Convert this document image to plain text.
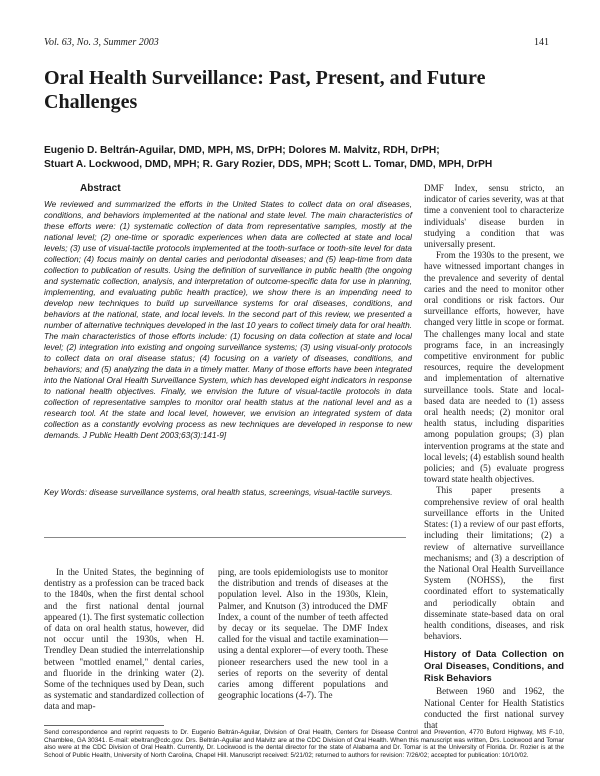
Vol. 63, No. 3, Summer 2003	141
Oral Health Surveillance: Past, Present, and Future Challenges
Eugenio D. Beltrán-Aguilar, DMD, MPH, MS, DrPH; Dolores M. Malvitz, RDH, DrPH;
Stuart A. Lockwood, DMD, MPH; R. Gary Rozier, DDS, MPH; Scott L. Tomar, DMD, MPH, DrPH
Abstract
We reviewed and summarized the efforts in the United States to collect data on oral diseases, conditions, and behaviors implemented at the national and state level. The main characteristics of these efforts were: (1) systematic collection of data from representative samples, mostly at the national level; (2) one-time or sporadic experiences when data are collected at state and local levels; (3) use of visual-tactile protocols implemented at the tooth-surface or tooth-site level for data collection; (4) focus mainly on dental caries and periodontal diseases; and (5) leap-time from data collection to publication of results. Using the definition of surveillance in public health (the ongoing and systematic collection, analysis, and interpretation of outcome-specific data for use in planning, implementing, and evaluating public health practice), we show there is an impending need to develop new techniques to build up surveillance systems for oral diseases, conditions, and behaviors at the national, state, and local levels. In the second part of this review, we presented a number of alternative techniques developed in the last 10 years to collect timely data for oral health. The main characteristics of those efforts include: (1) focusing on data collection at state and local level; (2) integration into existing and ongoing surveillance systems; (3) using visual-only protocols to collect data on oral disease status; (4) focusing on a variety of diseases, conditions, and behaviors; and (5) analyzing the data in a timely matter. Many of those efforts have been integrated into the National Oral Health Surveillance System, which has developed eight indicators in response to national health objectives. Finally, we envision the future of visual-tactile protocols in data collection of representative samples to monitor oral health status at the national level and as a research tool. At the state and local level, however, we envision an integrated system of data collection as a constantly evolving process as new techniques are developed in response to new demands. J Public Health Dent 2003;63(3):141-9]
Key Words: disease surveillance systems, oral health status, screenings, visual-tactile surveys.
In the United States, the beginning of dentistry as a profession can be traced back to the 1840s, when the first dental school and the first national dental journal appeared (1). The first systematic collection of data on oral health status, however, did not occur until the 1930s, when H. Trendley Dean studied the interrelationship between "mottled enamel," dental caries, and fluoride in the drinking water (2). Some of the techniques used by Dean, such as systematic and standardized collection of data and map-
ping, are tools epidemiologists use to monitor the distribution and trends of diseases at the population level. Also in the 1930s, Klein, Palmer, and Knutson (3) introduced the DMF Index, a count of the number of teeth affected by decay or its sequelae. The DMF Index called for the visual and tactile examination—using a dental explorer—of every tooth. These pioneer researchers used the new tool in a series of reports on the severity of dental caries among different populations and geographic locations (4-7). The

DMF Index, sensu stricto, an indicator of caries severity, was at that time a convenient tool to characterize individuals' disease burden in studying a condition that was universally present.

From the 1930s to the present, we have witnessed important changes in the prevalence and severity of dental caries and the need to monitor other oral conditions or risk factors. Our surveillance efforts, however, have changed very little in scope or format. The challenges many local and state programs face, in an increasingly competitive environment for public resources, require the development and implementation of alternative surveillance tools. State and local-based data are needed to (1) assess oral health needs; (2) monitor oral health status, including disparities among population groups; (3) plan intervention programs at the state and local levels; (4) establish sound health policies; and (5) evaluate progress toward state health objectives.

This paper presents a comprehensive review of oral health surveillance efforts in the United States: (1) a review of our past efforts, including their limitations; (2) a review of alternative surveillance mechanisms; and (3) a description of the National Oral Health Surveillance System (NOHSS), the first coordinated effort to systematically and periodically obtain and disseminate state-based data on oral health conditions, diseases, and risk behaviors.

History of Data Collection on Oral Diseases, Conditions, and Risk Behaviors

Between 1960 and 1962, the National Center for Health Statistics conducted the first national survey that

Send correspondence and reprint requests to Dr. Eugenio Beltrán-Aguilar, Division of Oral Health, Centers for Disease Control and Prevention, 4770 Buford Highway, MS F-10, Chamblee, GA 30341. E-mail: ebeltran@cdc.gov. Drs. Beltrán-Aguilar and Malvitz are at the CDC Division of Oral Health. When this manuscript was written, Drs. Lockwood and Tomar also were at the CDC Division of Oral Health. Currently, Dr. Lockwood is the dental director for the state of Alabama and Dr. Tomar is at the University of Florida. Dr. Rozier is at the School of Public Health, University of North Carolina, Chapel Hill. Manuscript received: 5/21/02; returned to authors for revision: 7/26/02; accepted for publication: 10/10/02.
